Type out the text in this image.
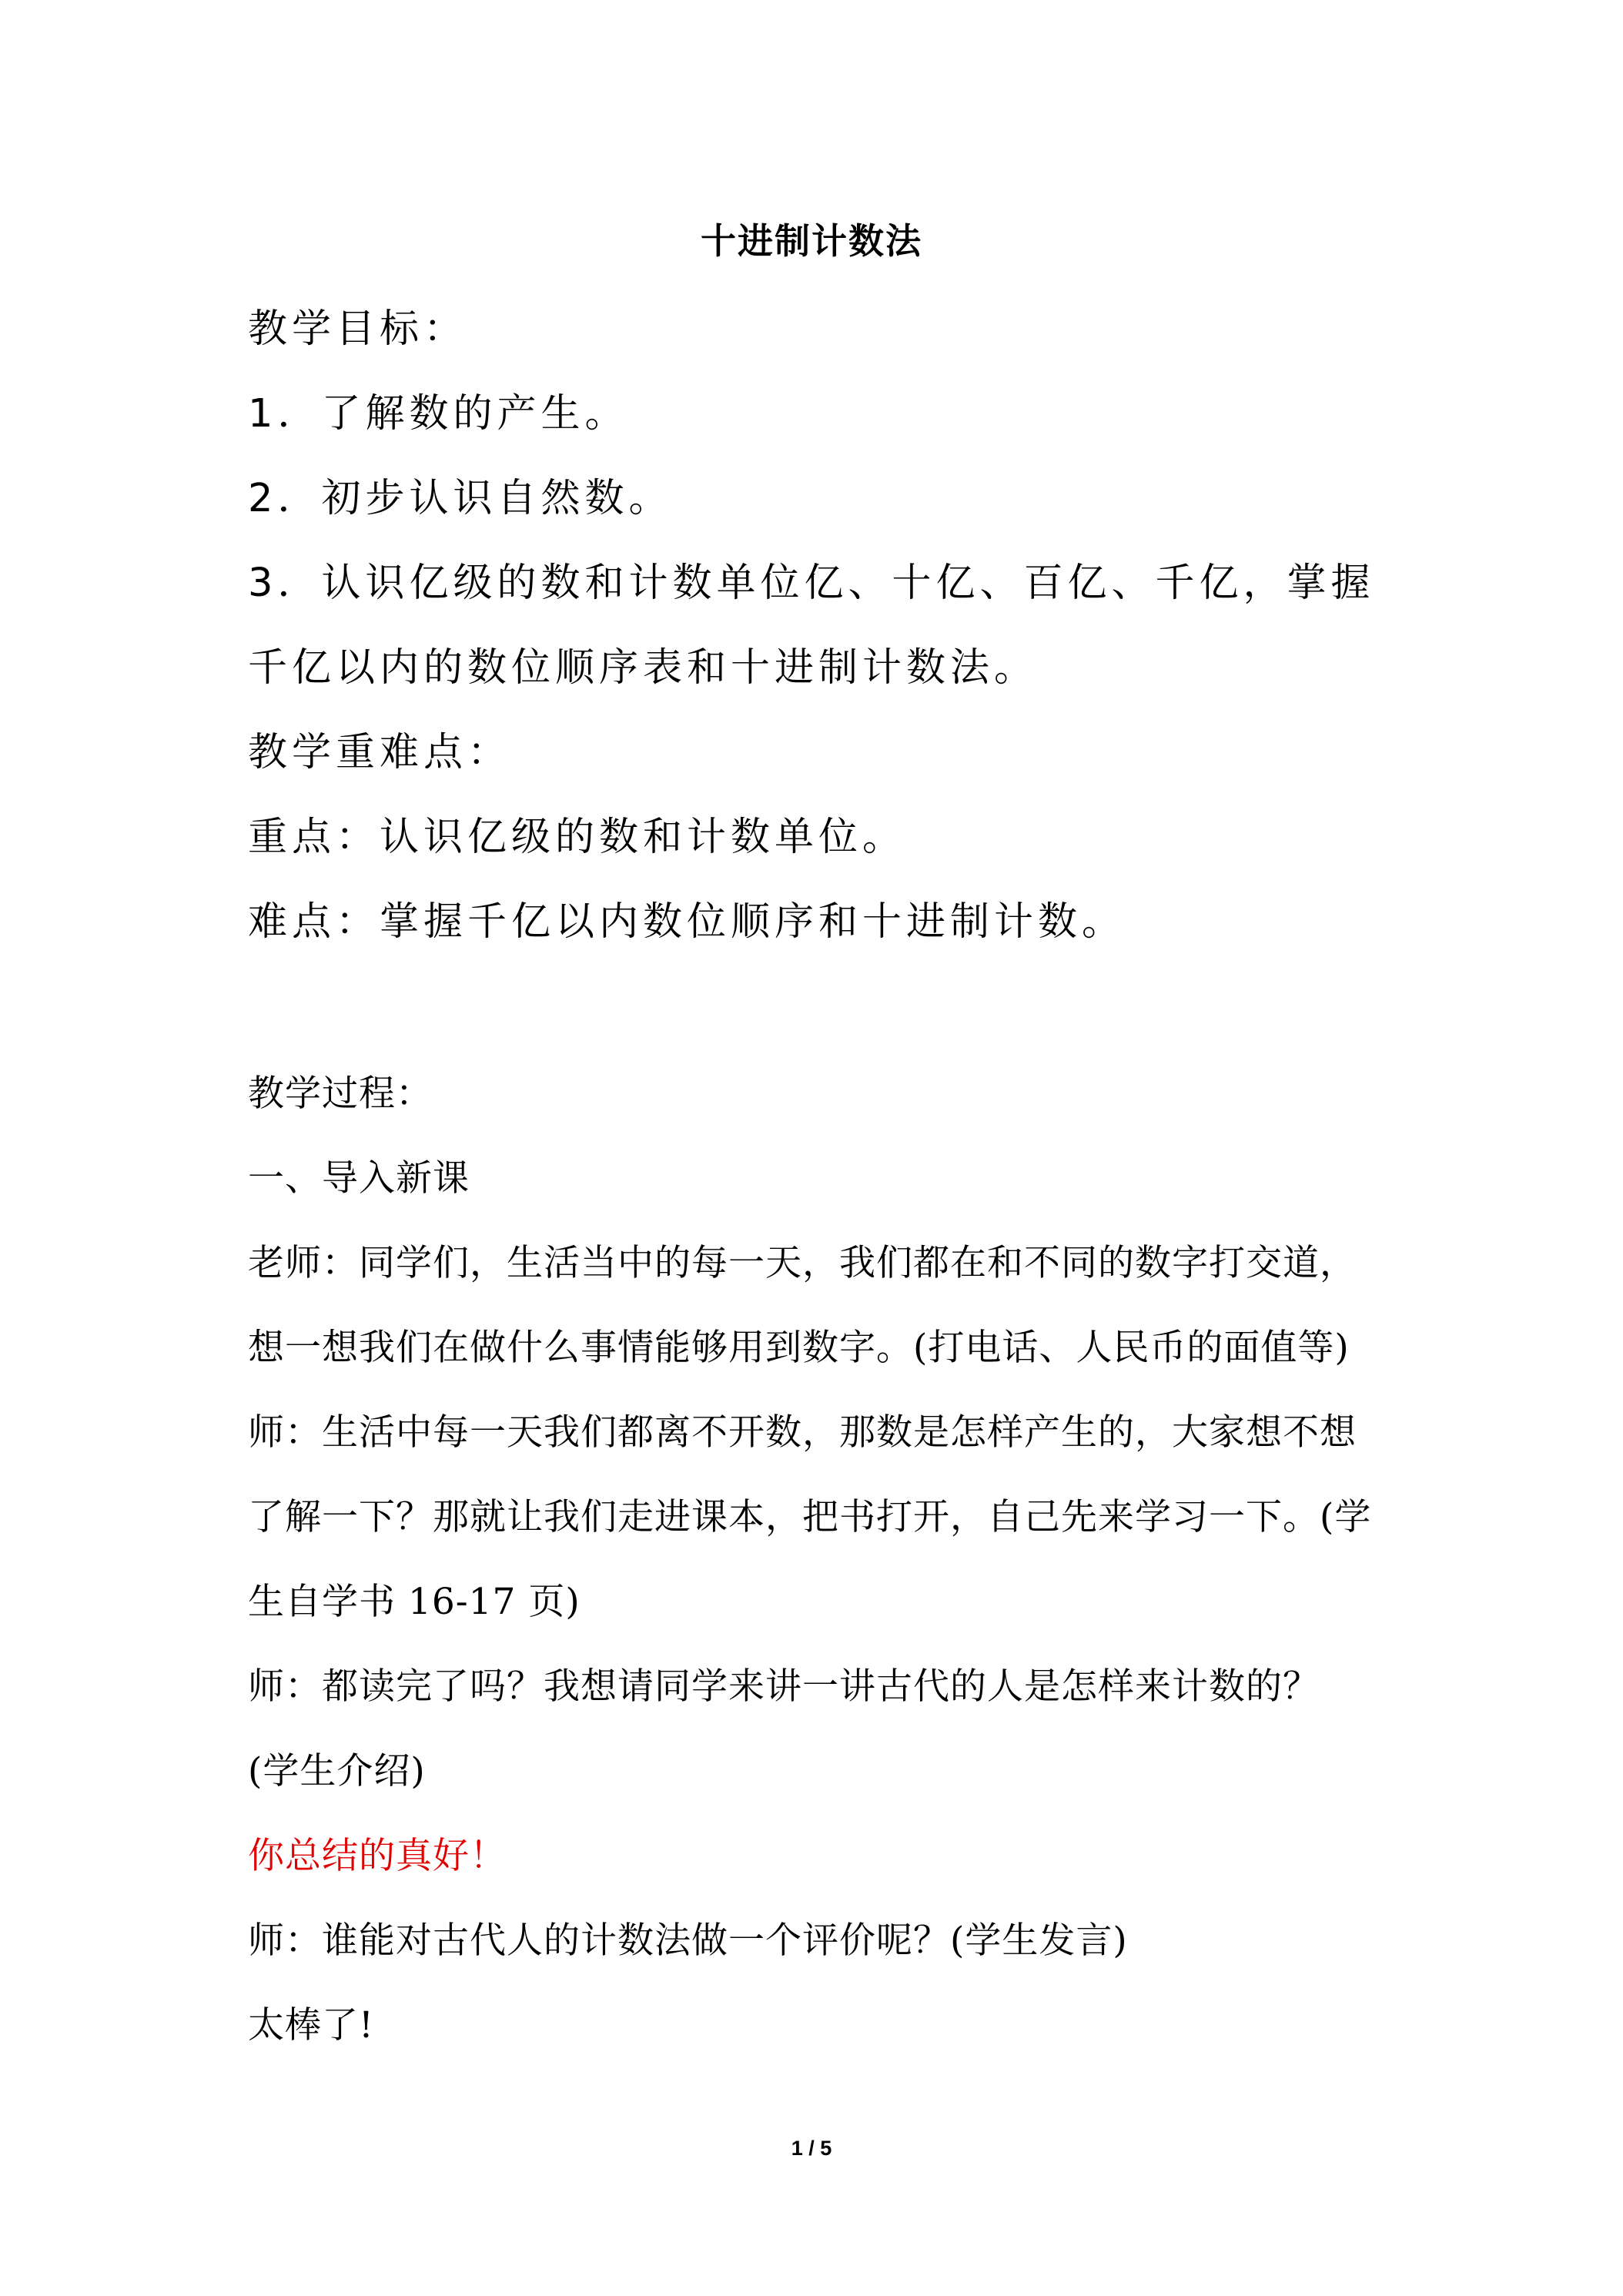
十进制计数法
教学目标：
1．了解数的产生。
2．初步认识自然数。
3．认识亿级的数和计数单位亿、十亿、百亿、千亿，掌握
千亿以内的数位顺序表和十进制计数法。
教学重难点：
重点：认识亿级的数和计数单位。
难点：掌握千亿以内数位顺序和十进制计数。
教学过程：
一、导入新课
老师：同学们，生活当中的每一天，我们都在和不同的数字打交道，
想一想我们在做什么事情能够用到数字。(打电话、人民币的面值等)
师：生活中每一天我们都离不开数，那数是怎样产生的，大家想不想
了解一下？那就让我们走进课本，把书打开，自己先来学习一下。(学
生自学书 16-17 页)
师：都读完了吗？我想请同学来讲一讲古代的人是怎样来计数的？
(学生介绍)
你总结的真好！
师：谁能对古代人的计数法做一个评价呢？(学生发言)
太棒了!
1 / 5
